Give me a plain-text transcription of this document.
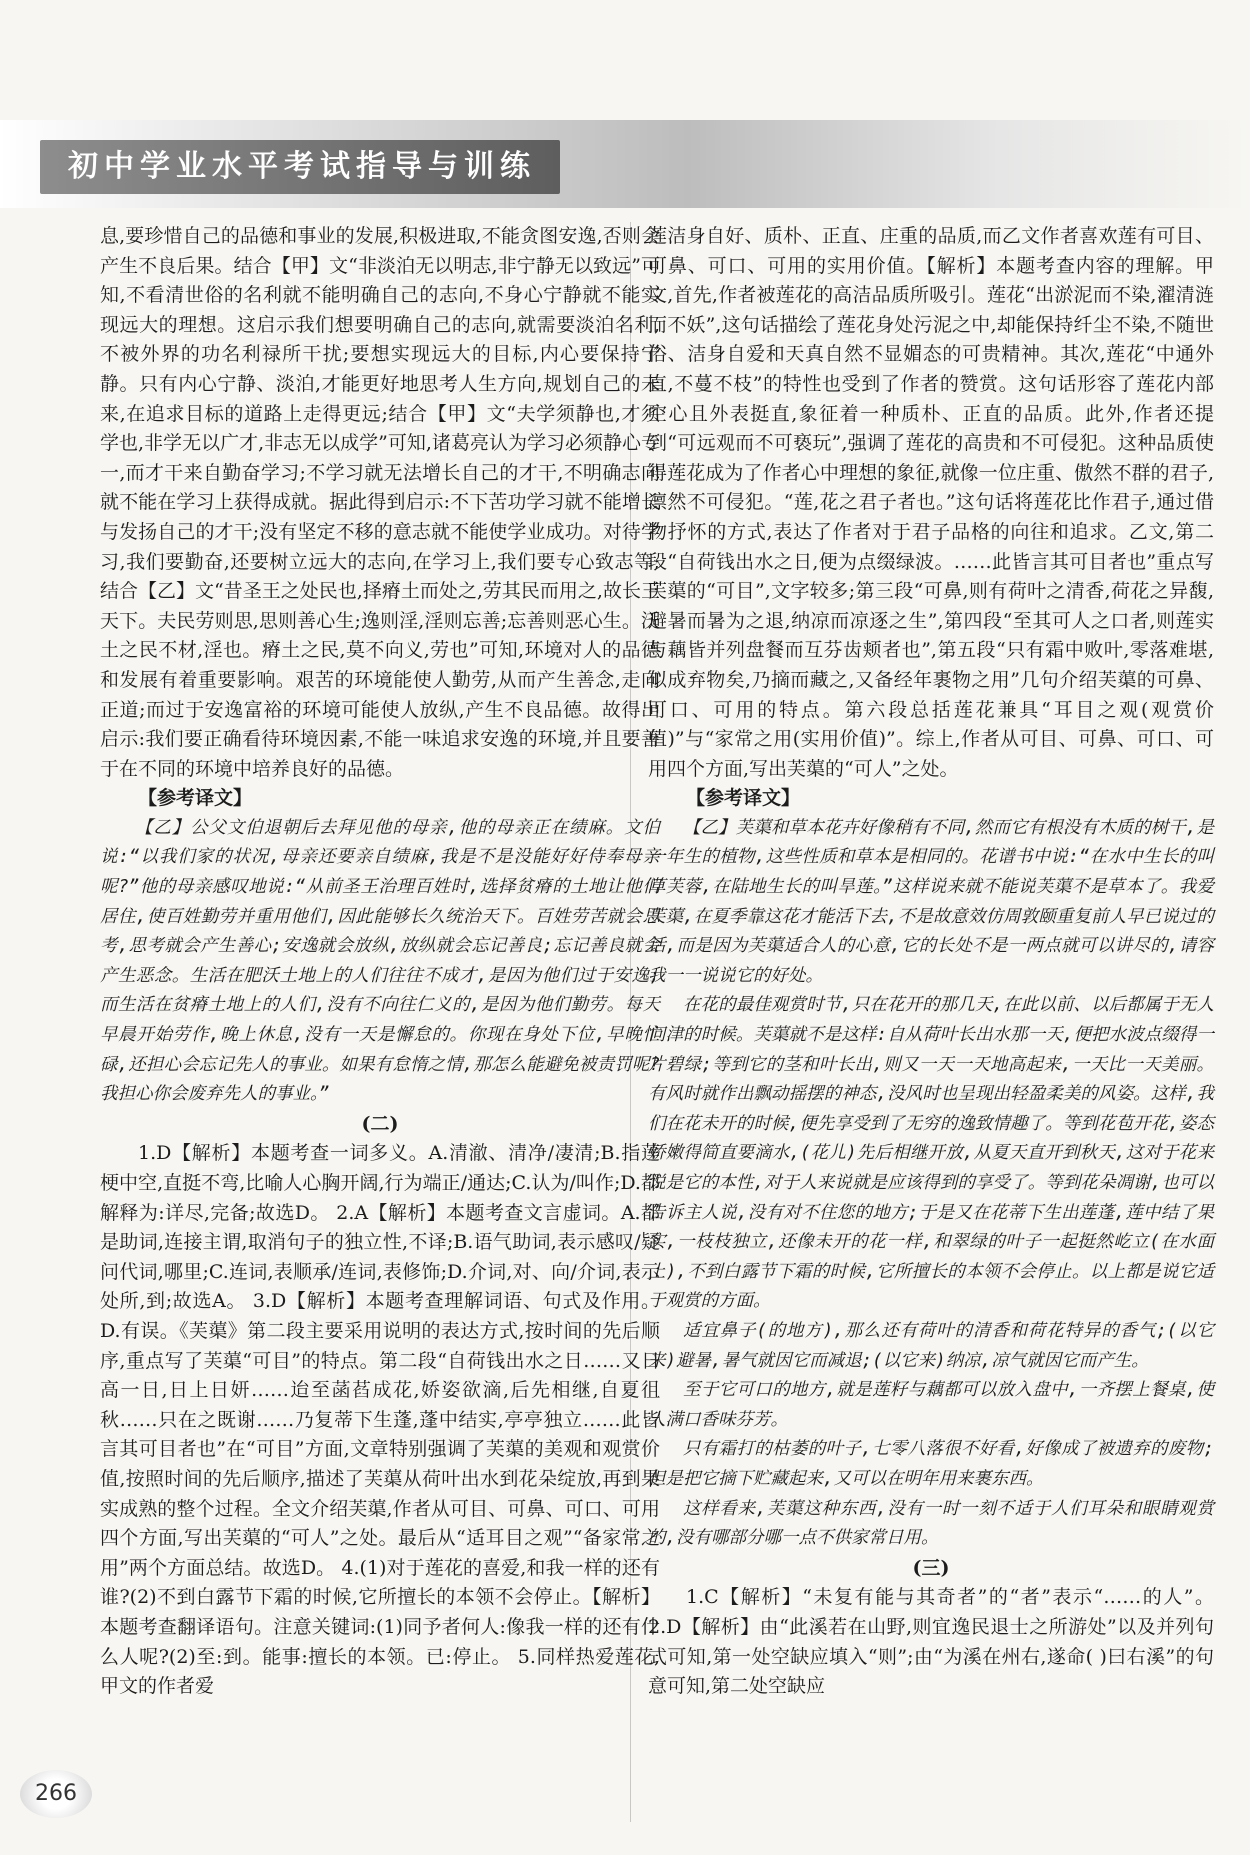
初中学业水平考试指导与训练

息,要珍惜自己的品德和事业的发展,积极进取,不能贪图安逸,否则会产生不良后果。结合【甲】文“非淡泊无以明志,非宁静无以致远”可知,不看清世俗的名利就不能明确自己的志向,不身心宁静就不能实现远大的理想。这启示我们想要明确自己的志向,就需要淡泊名利,不被外界的功名利禄所干扰;要想实现远大的目标,内心要保持宁静。只有内心宁静、淡泊,才能更好地思考人生方向,规划自己的未来,在追求目标的道路上走得更远;结合【甲】文“夫学须静也,才须学也,非学无以广才,非志无以成学”可知,诸葛亮认为学习必须静心专一,而才干来自勤奋学习;不学习就无法增长自己的才干,不明确志向就不能在学习上获得成就。据此得到启示:不下苦功学习就不能增长与发扬自己的才干;没有坚定不移的意志就不能使学业成功。对待学习,我们要勤奋,还要树立远大的志向,在学习上,我们要专心致志等;结合【乙】文“昔圣王之处民也,择瘠土而处之,劳其民而用之,故长王天下。夫民劳则思,思则善心生;逸则淫,淫则忘善;忘善则恶心生。沃土之民不材,淫也。瘠土之民,莫不向义,劳也”可知,环境对人的品德和发展有着重要影响。艰苦的环境能使人勤劳,从而产生善念,走向正道;而过于安逸富裕的环境可能使人放纵,产生不良品德。故得出启示:我们要正确看待环境因素,不能一味追求安逸的环境,并且要善于在不同的环境中培养良好的品德。

【参考译文】

【乙】公父文伯退朝后去拜见他的母亲,他的母亲正在绩麻。文伯说:“以我们家的状况,母亲还要亲自绩麻,我是不是没能好好侍奉母亲呢?”他的母亲感叹地说:“从前圣王治理百姓时,选择贫瘠的土地让他们居住,使百姓勤劳并重用他们,因此能够长久统治天下。百姓劳苦就会思考,思考就会产生善心;安逸就会放纵,放纵就会忘记善良;忘记善良就会产生恶念。生活在肥沃土地上的人们往往不成才,是因为他们过于安逸;而生活在贫瘠土地上的人们,没有不向往仁义的,是因为他们勤劳。每天早晨开始劳作,晚上休息,没有一天是懈怠的。你现在身处下位,早晚忙碌,还担心会忘记先人的事业。如果有怠惰之情,那怎么能避免被责罚呢?我担心你会废弃先人的事业。”

(二)

1.D【解析】本题考查一词多义。A.清澈、清净/凄清;B.指莲梗中空,直挺不弯,比喻人心胸开阔,行为端正/通达;C.认为/叫作;D.都解释为:详尽,完备;故选D。 2.A【解析】本题考查文言虚词。A.都是助词,连接主谓,取消句子的独立性,不译;B.语气助词,表示感叹/疑问代词,哪里;C.连词,表顺承/连词,表修饰;D.介词,对、向/介词,表示处所,到;故选A。 3.D【解析】本题考查理解词语、句式及作用。D.有误。《芙蕖》第二段主要采用说明的表达方式,按时间的先后顺序,重点写了芙蕖“可目”的特点。第二段“自荷钱出水之日……又日高一日,日上日妍……迨至菡萏成花,娇姿欲滴,后先相继,自夏徂秋……只在之既谢……乃复蒂下生蓬,蓬中结实,亭亭独立……此皆言其可目者也”在“可目”方面,文章特别强调了芙蕖的美观和观赏价值,按照时间的先后顺序,描述了芙蕖从荷叶出水到花朵绽放,再到果实成熟的整个过程。全文介绍芙蕖,作者从可目、可鼻、可口、可用四个方面,写出芙蕖的“可人”之处。最后从“适耳目之观”“备家常之用”两个方面总结。故选D。 4.(1)对于莲花的喜爱,和我一样的还有谁?(2)不到白露节下霜的时候,它所擅长的本领不会停止。【解析】本题考查翻译语句。注意关键词:(1)同予者何人:像我一样的还有什么人呢?(2)至:到。能事:擅长的本领。已:停止。 5.同样热爱莲花,甲文的作者爱

莲洁身自好、质朴、正直、庄重的品质,而乙文作者喜欢莲有可目、可鼻、可口、可用的实用价值。【解析】本题考查内容的理解。甲文,首先,作者被莲花的高洁品质所吸引。莲花“出淤泥而不染,濯清涟而不妖”,这句话描绘了莲花身处污泥之中,却能保持纤尘不染,不随世俗、洁身自爱和天真自然不显媚态的可贵精神。其次,莲花“中通外直,不蔓不枝”的特性也受到了作者的赞赏。这句话形容了莲花内部空心且外表挺直,象征着一种质朴、正直的品质。此外,作者还提到“可远观而不可亵玩”,强调了莲花的高贵和不可侵犯。这种品质使得莲花成为了作者心中理想的象征,就像一位庄重、傲然不群的君子,凛然不可侵犯。“莲,花之君子者也。”这句话将莲花比作君子,通过借物抒怀的方式,表达了作者对于君子品格的向往和追求。乙文,第二段“自荷钱出水之日,便为点缀绿波。……此皆言其可目者也”重点写芙蕖的“可目”,文字较多;第三段“可鼻,则有荷叶之清香,荷花之异馥,避暑而暑为之退,纳凉而凉逐之生”,第四段“至其可人之口者,则莲实与藕皆并列盘餐而互芬齿颊者也”,第五段“只有霜中败叶,零落难堪,似成弃物矣,乃摘而藏之,又备经年裹物之用”几句介绍芙蕖的可鼻、可口、可用的特点。第六段总括莲花兼具“耳目之观(观赏价值)”与“家常之用(实用价值)”。综上,作者从可目、可鼻、可口、可用四个方面,写出芙蕖的“可人”之处。

【参考译文】

【乙】芙蕖和草本花卉好像稍有不同,然而它有根没有木质的树干,是一年生的植物,这些性质和草本是相同的。花谱书中说:“在水中生长的叫草芙蓉,在陆地生长的叫旱莲。”这样说来就不能说芙蕖不是草本了。我爱芙蕖,在夏季靠这花才能活下去,不是故意效仿周敦颐重复前人早已说过的话,而是因为芙蕖适合人的心意,它的长处不是一两点就可以讲尽的,请容我一一说说它的好处。

在花的最佳观赏时节,只在花开的那几天,在此以前、以后都属于无人问津的时候。芙蕖就不是这样:自从荷叶长出水那一天,便把水波点缀得一片碧绿;等到它的茎和叶长出,则又一天一天地高起来,一天比一天美丽。有风时就作出飘动摇摆的神态,没风时也呈现出轻盈柔美的风姿。这样,我们在花未开的时候,便先享受到了无穷的逸致情趣了。等到花苞开花,姿态娇嫩得简直要滴水,(花儿)先后相继开放,从夏天直开到秋天,这对于花来说是它的本性,对于人来说就是应该得到的享受了。等到花朵凋谢,也可以告诉主人说,没有对不住您的地方;于是又在花蒂下生出莲蓬,莲中结了果实,一枝枝独立,还像未开的花一样,和翠绿的叶子一起挺然屹立(在水面上),不到白露节下霜的时候,它所擅长的本领不会停止。以上都是说它适于观赏的方面。

适宜鼻子(的地方),那么还有荷叶的清香和荷花特异的香气;(以它来)避暑,暑气就因它而减退;(以它来)纳凉,凉气就因它而产生。

至于它可口的地方,就是莲籽与藕都可以放入盘中,一齐摆上餐桌,使人满口香味芬芳。

只有霜打的枯萎的叶子,七零八落很不好看,好像成了被遗弃的废物;但是把它摘下贮藏起来,又可以在明年用来裹东西。

这样看来,芙蕖这种东西,没有一时一刻不适于人们耳朵和眼睛观赏的,没有哪部分哪一点不供家常日用。

(三)

1.C【解析】“未复有能与其奇者”的“者”表示“……的人”。 2.D【解析】由“此溪若在山野,则宜逸民退士之所游处”以及并列句式可知,第一处空缺应填入“则”;由“为溪在州右,遂命( )曰右溪”的句意可知,第二处空缺应

266
